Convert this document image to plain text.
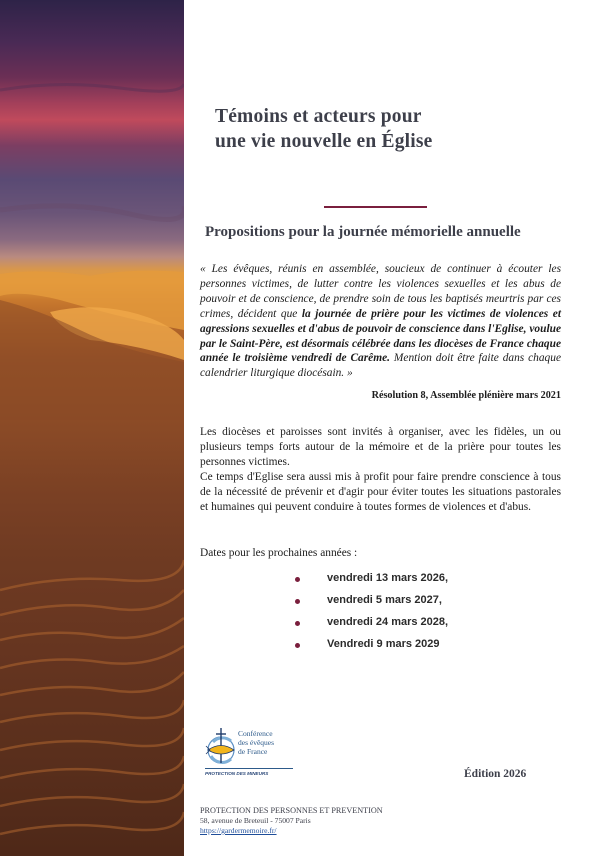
Témoins et acteurs pour
une vie nouvelle en Église
Propositions pour la journée mémorielle annuelle
« Les évêques, réunis en assemblée, soucieux de continuer à écouter les personnes victimes, de lutter contre les violences sexuelles et les abus de pouvoir et de conscience, de prendre soin de tous les baptisés meurtris par ces crimes, décident que la journée de prière pour les victimes de violences et agressions sexuelles et d'abus de pouvoir de conscience dans l'Eglise, voulue par le Saint-Père, est désormais célébrée dans les diocèses de France chaque année le troisième vendredi de Carême. Mention doit être faite dans chaque calendrier liturgique diocésain. »
Résolution 8, Assemblée plénière mars 2021

Les diocèses et paroisses sont invités à organiser, avec les fidèles, un ou plusieurs temps forts autour de la mémoire et de la prière pour toutes les personnes victimes.

Ce temps d'Eglise sera aussi mis à profit pour faire prendre conscience à tous de la nécessité de prévenir et d'agir pour éviter toutes les situations pastorales et humaines qui peuvent conduire à toutes formes de violences et d'abus.

Dates pour les prochaines années :
vendredi 13 mars 2026,
vendredi 5 mars 2027,
vendredi 24 mars 2028,
Vendredi 9 mars 2029
Conférence
des évêques
de France
PROTECTION DES MINEURS	Édition 2026
PROTECTION DES PERSONNES ET PREVENTION
58, avenue de Breteuil - 75007 Paris
https://gardermemoire.fr/
